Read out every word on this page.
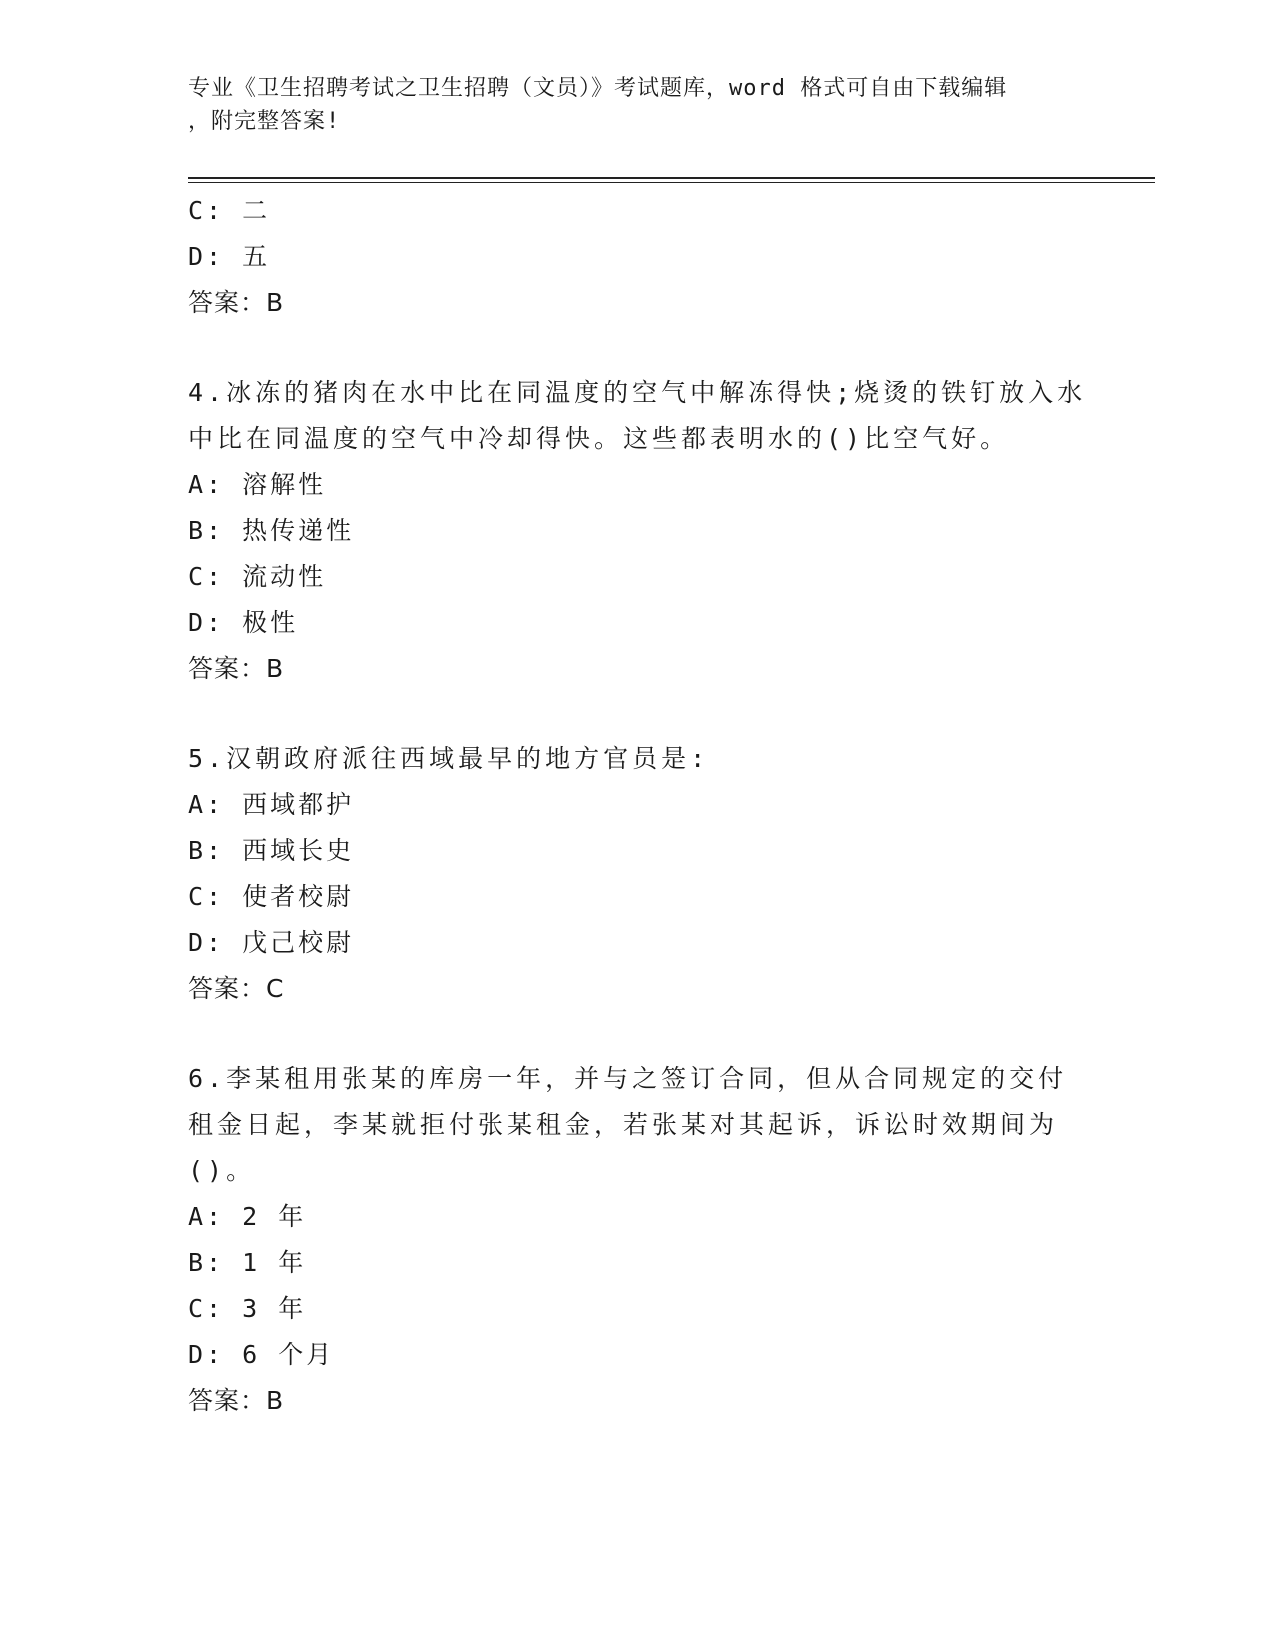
专业《卫生招聘考试之卫生招聘（文员）》考试题库，word 格式可自由下载编辑
，附完整答案!
C: 二
D: 五
答案：B
4.冰冻的猪肉在水中比在同温度的空气中解冻得快;烧烫的铁钉放入水
中比在同温度的空气中冷却得快。这些都表明水的()比空气好。
A: 溶解性
B: 热传递性
C: 流动性
D: 极性
答案：B
5.汉朝政府派往西域最早的地方官员是:
A: 西域都护
B: 西域长史
C: 使者校尉
D: 戊己校尉
答案：C
6.李某租用张某的库房一年，并与之签订合同，但从合同规定的交付
租金日起，李某就拒付张某租金，若张某对其起诉，诉讼时效期间为
()。
A: 2 年
B: 1 年
C: 3 年
D: 6 个月
答案：B
